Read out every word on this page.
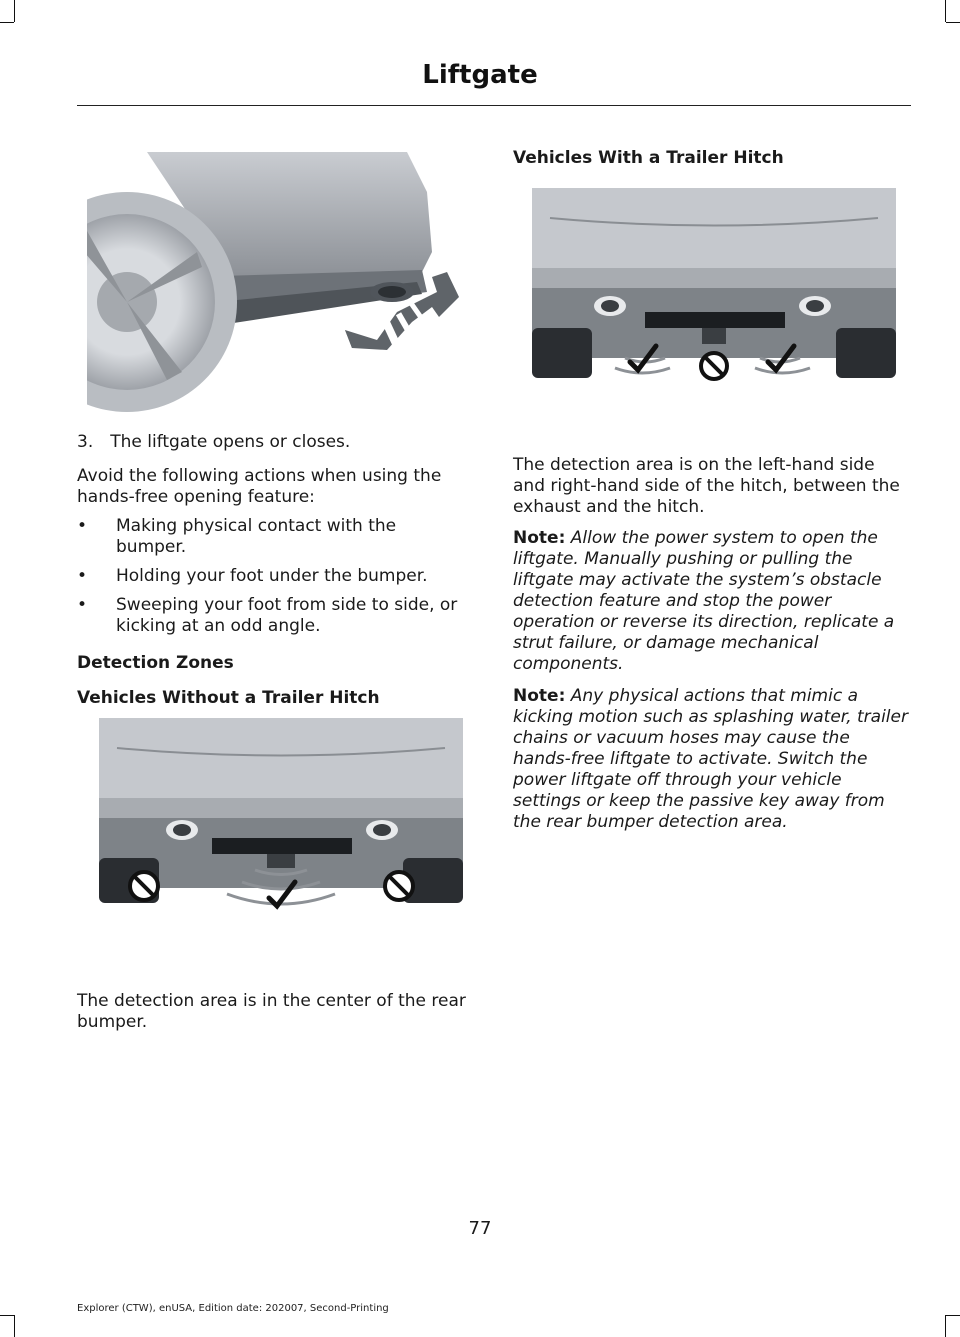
Liftgate
3. The liftgate opens or closes.
Avoid the following actions when using the hands-free opening feature:
•	Making physical contact with the bumper.
•	Holding your foot under the bumper.
•	Sweeping your foot from side to side, or kicking at an odd angle.
Detection Zones
Vehicles Without a Trailer Hitch
The detection area is in the center of the rear bumper.
Vehicles With a Trailer Hitch
The detection area is on the left-hand side and right-hand side of the hitch, between the exhaust and the hitch.
Note: Allow the power system to open the liftgate. Manually pushing or pulling the liftgate may activate the system’s obstacle detection feature and stop the power operation or reverse its direction, replicate a strut failure, or damage mechanical components.
Note: Any physical actions that mimic a kicking motion such as splashing water, trailer chains or vacuum hoses may cause the hands-free liftgate to activate. Switch the power liftgate off through your vehicle settings or keep the passive key away from the rear bumper detection area.
77
Explorer (CTW), enUSA, Edition date: 202007, Second-Printing
